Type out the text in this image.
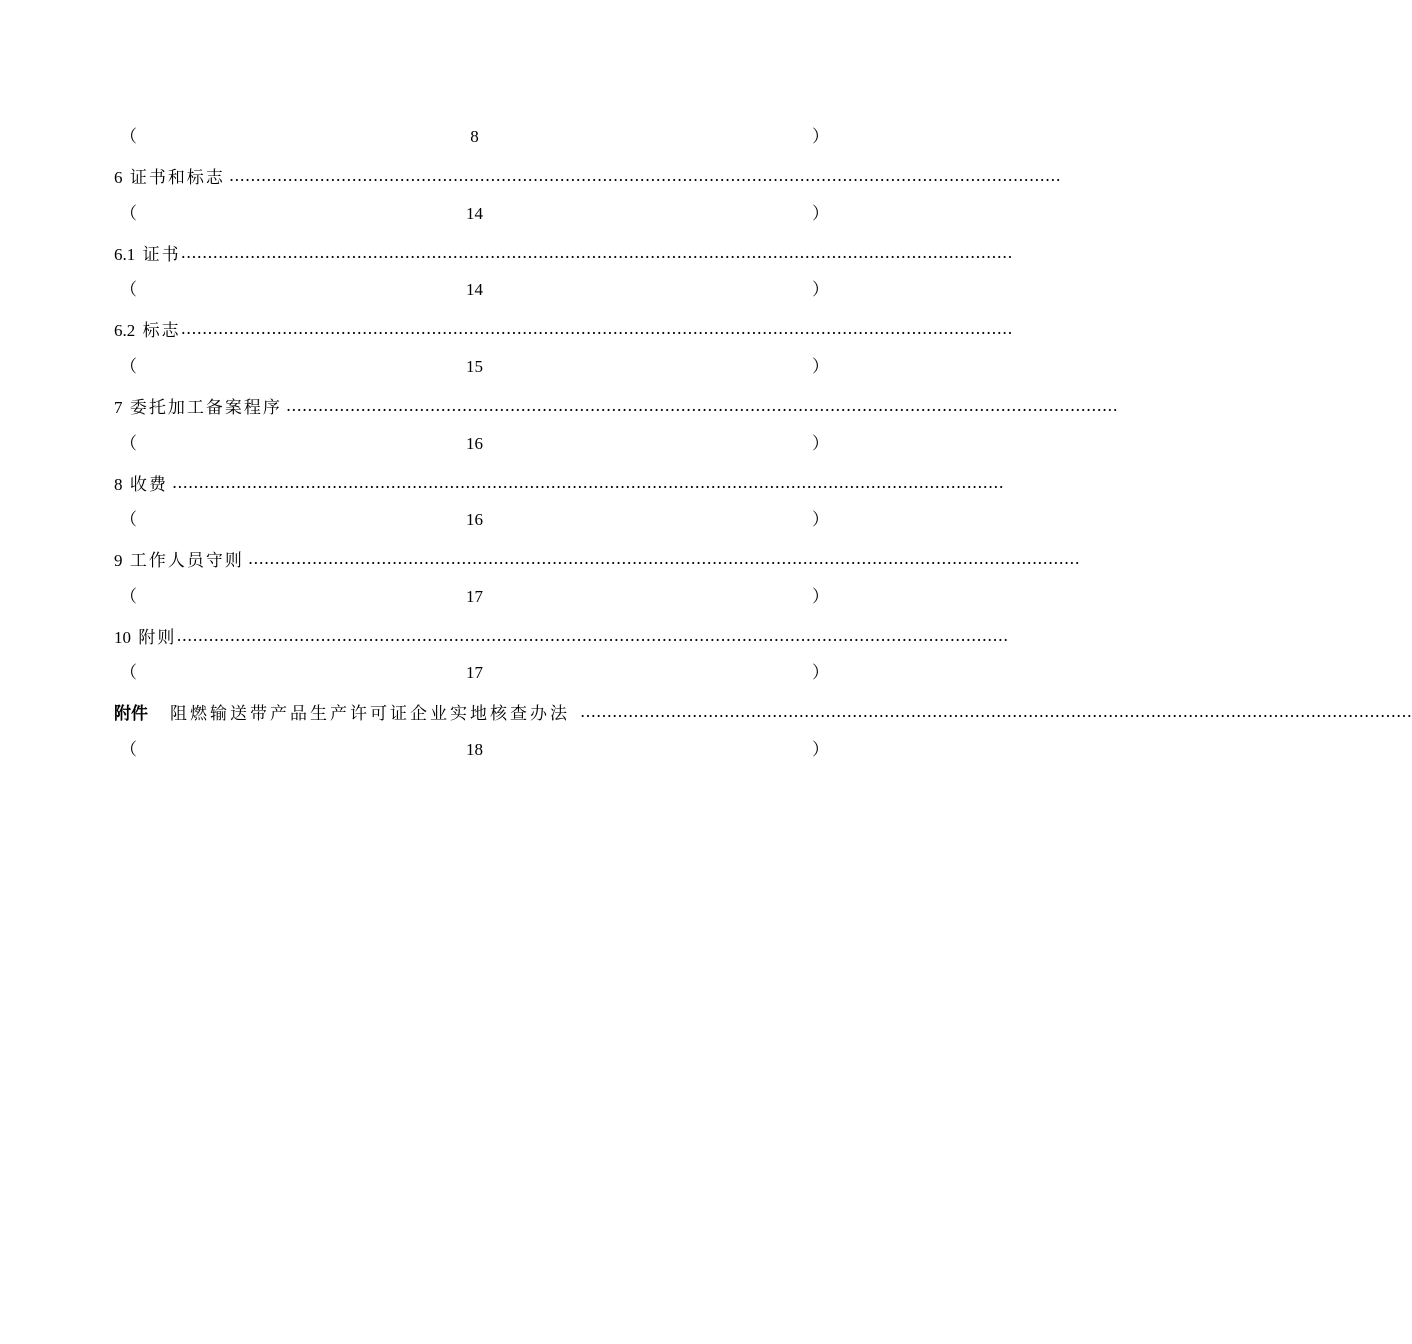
（	8	）
6 证书和标志 …………………………………………………………………………………………………………………………………………
（	14	）
6.1 证书 …………………………………………………………………………………………………………………………………………
（	14	）
6.2 标志 …………………………………………………………………………………………………………………………………………
（	15	）
7 委托加工备案程序 …………………………………………………………………………………………………………………………………………
（	16	）
8 收费 …………………………………………………………………………………………………………………………………………
（	16	）
9 工作人员守则 …………………………………………………………………………………………………………………………………………
（	17	）
10 附则 …………………………………………………………………………………………………………………………………………
（	17	）
附件 阻燃输送带产品生产许可证企业实地核查办法 …………………………………………………………………………………………………………………………………………
（	18	）
